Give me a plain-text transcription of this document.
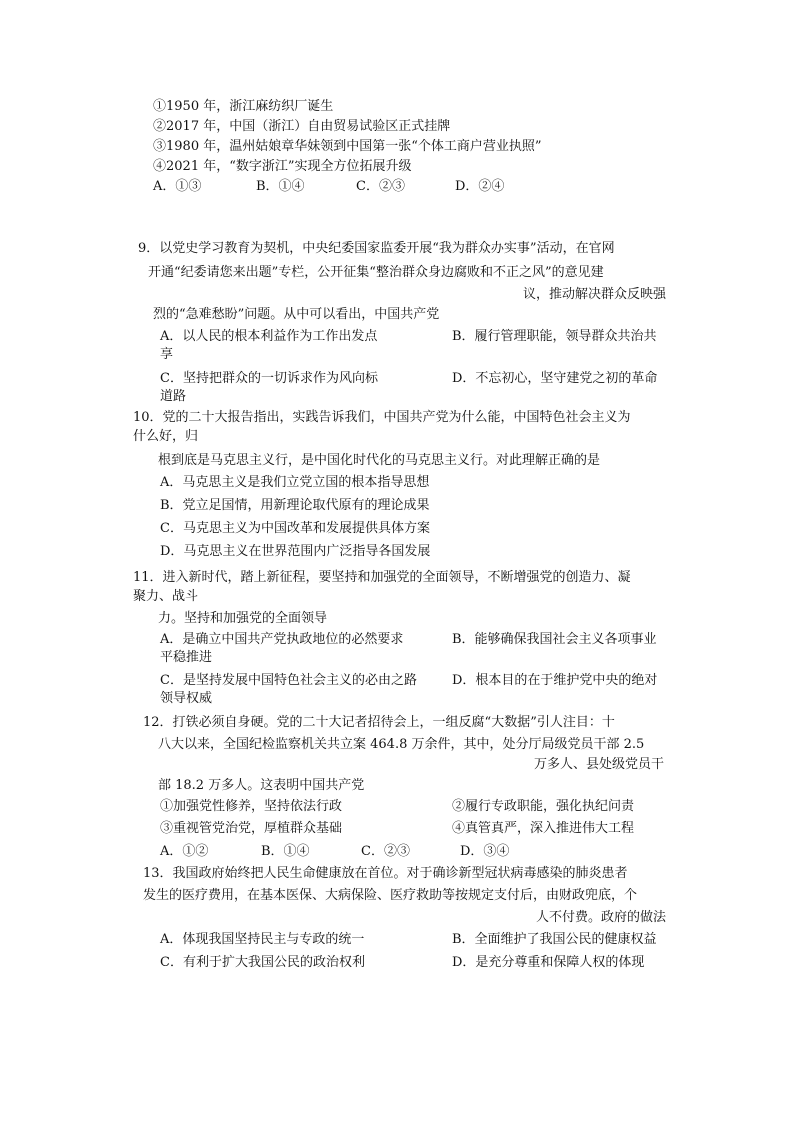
①1950 年，浙江麻纺织厂诞生
②2017 年，中国（浙江）自由贸易试验区正式挂牌
③1980 年，温州姑娘章华妹领到中国第一张“个体工商户营业执照”
④2021 年，“数字浙江”实现全方位拓展升级
A．①③	B．①④	C．②③	D．②④
9．以党史学习教育为契机，中央纪委国家监委开展“我为群众办实事”活动，在官网
开通“纪委请您来出题”专栏，公开征集“整治群众身边腐败和不正之风”的意见建
议，推动解决群众反映强
烈的“急难愁盼”问题。从中可以看出，中国共产党
A．以人民的根本利益作为工作出发点	B．履行管理职能，领导群众共治共
享
C．坚持把群众的一切诉求作为风向标	D．不忘初心，坚守建党之初的革命
道路
10．党的二十大报告指出，实践告诉我们，中国共产党为什么能，中国特色社会主义为
什么好，归
根到底是马克思主义行，是中国化时代化的马克思主义行。对此理解正确的是
A．马克思主义是我们立党立国的根本指导思想
B．党立足国情，用新理论取代原有的理论成果
C．马克思主义为中国改革和发展提供具体方案
D．马克思主义在世界范围内广泛指导各国发展
11．进入新时代，踏上新征程，要坚持和加强党的全面领导，不断增强党的创造力、凝
聚力、战斗
力。坚持和加强党的全面领导
A．是确立中国共产党执政地位的必然要求	B．能够确保我国社会主义各项事业
平稳推进
C．是坚持发展中国特色社会主义的必由之路	D．根本目的在于维护党中央的绝对
领导权威
12．打铁必须自身硬。党的二十大记者招待会上，一组反腐“大数据”引人注目：十
八大以来，全国纪检监察机关共立案 464.8 万余件，其中，处分厅局级党员干部 2.5
万多人、县处级党员干
部 18.2 万多人。这表明中国共产党
①加强党性修养，坚持依法行政	②履行专政职能，强化执纪问责
③重视管党治党，厚植群众基础	④真管真严，深入推进伟大工程
A．①②	B．①④	C．②③	D．③④
13．我国政府始终把人民生命健康放在首位。对于确诊新型冠状病毒感染的肺炎患者
发生的医疗费用，在基本医保、大病保险、医疗救助等按规定支付后，由财政兜底，个
人不付费。政府的做法
A．体现我国坚持民主与专政的统一	B．全面维护了我国公民的健康权益
C．有利于扩大我国公民的政治权利	D．是充分尊重和保障人权的体现
